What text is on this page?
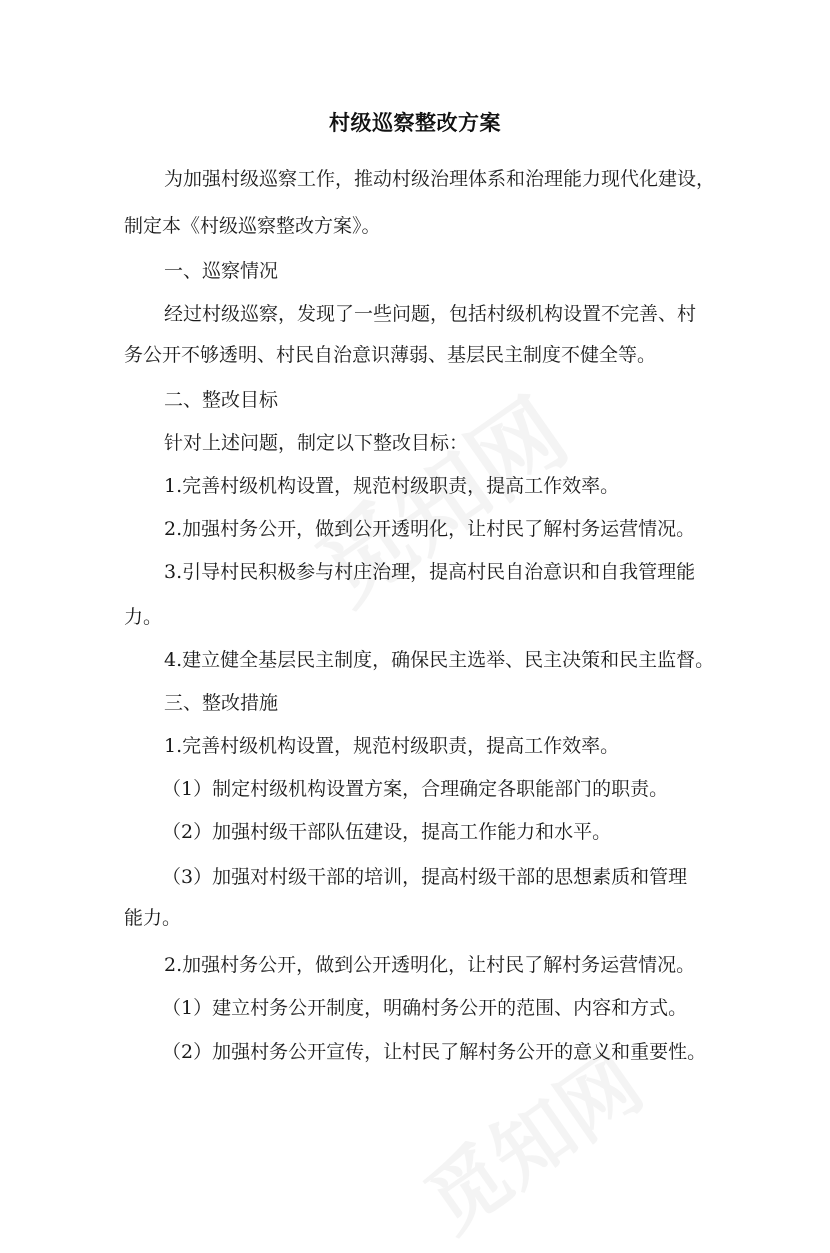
村级巡察整改方案
为加强村级巡察工作，推动村级治理体系和治理能力现代化建设，
制定本《村级巡察整改方案》。
一、巡察情况
经过村级巡察，发现了一些问题，包括村级机构设置不完善、村
务公开不够透明、村民自治意识薄弱、基层民主制度不健全等。
二、整改目标
针对上述问题，制定以下整改目标：
1.完善村级机构设置，规范村级职责，提高工作效率。
2.加强村务公开，做到公开透明化，让村民了解村务运营情况。
3.引导村民积极参与村庄治理，提高村民自治意识和自我管理能
力。
4.建立健全基层民主制度，确保民主选举、民主决策和民主监督。
三、整改措施
1.完善村级机构设置，规范村级职责，提高工作效率。
（1）制定村级机构设置方案，合理确定各职能部门的职责。
（2）加强村级干部队伍建设，提高工作能力和水平。
（3）加强对村级干部的培训，提高村级干部的思想素质和管理
能力。
2.加强村务公开，做到公开透明化，让村民了解村务运营情况。
（1）建立村务公开制度，明确村务公开的范围、内容和方式。
（2）加强村务公开宣传，让村民了解村务公开的意义和重要性。
